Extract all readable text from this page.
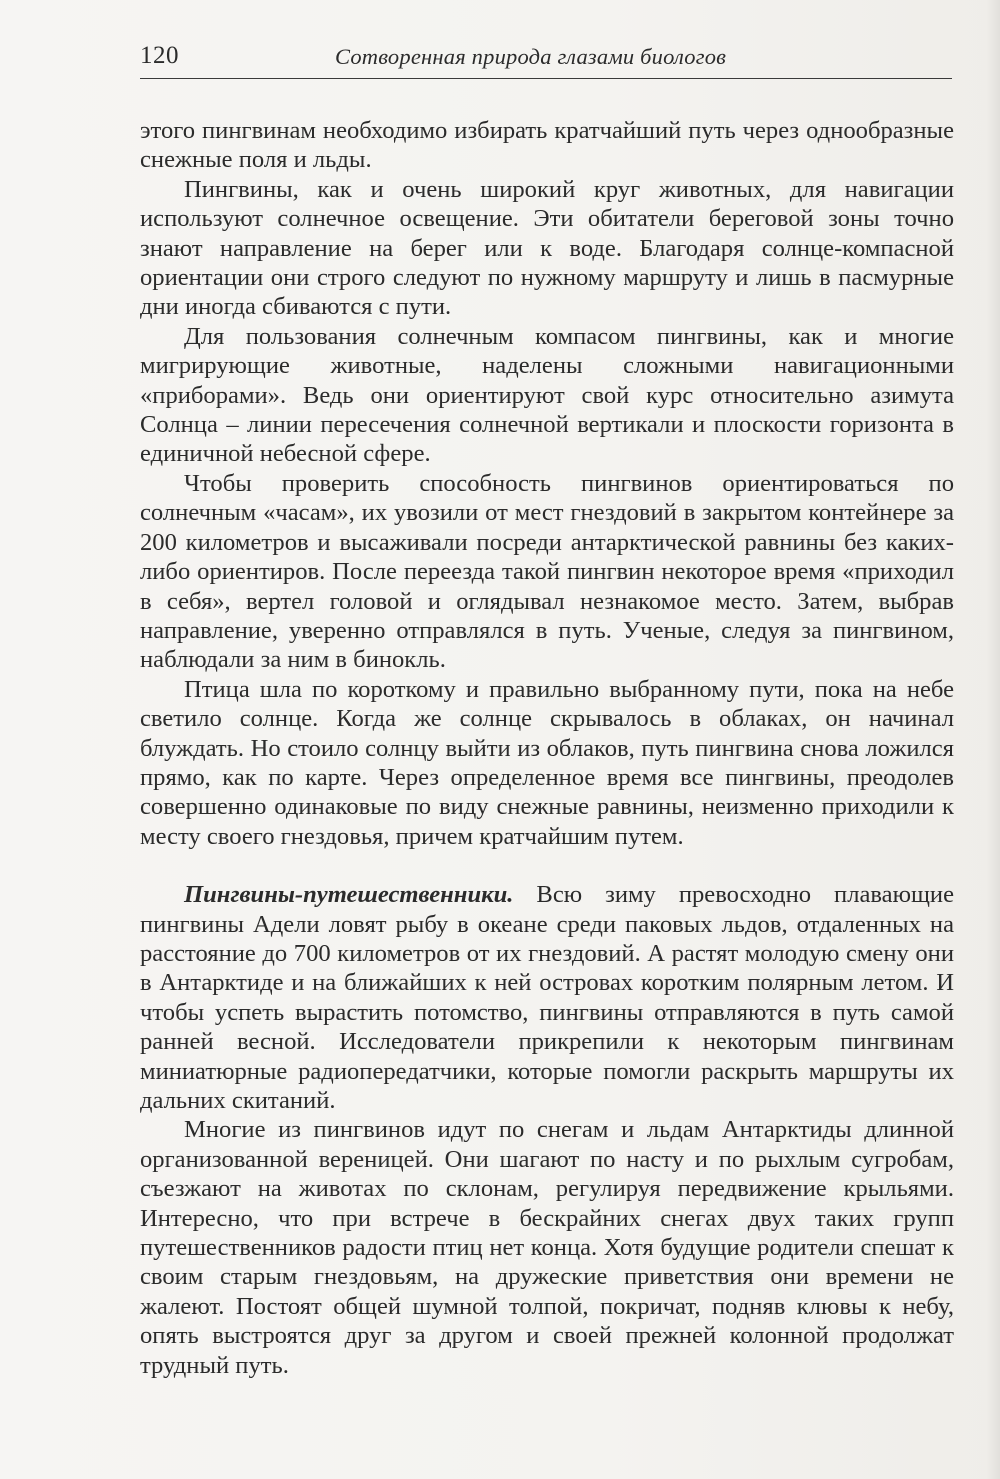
120	Сотворенная природа глазами биологов

этого пингвинам необходимо избирать кратчайший путь через однообразные снежные поля и льды.

Пингвины, как и очень широкий круг животных, для навигации используют солнечное освещение. Эти обитатели береговой зоны точно знают направление на берег или к воде. Благодаря солнце-компасной ориентации они строго следуют по нужному маршруту и лишь в пасмурные дни иногда сбиваются с пути.

Для пользования солнечным компасом пингвины, как и многие мигрирующие животные, наделены сложными навигационными «приборами». Ведь они ориентируют свой курс относительно азимута Солнца – линии пересечения солнечной вертикали и плоскости горизонта в единичной небесной сфере.

Чтобы проверить способность пингвинов ориентироваться по солнечным «часам», их увозили от мест гнездовий в закрытом контейнере за 200 километров и высаживали посреди антарктической равнины без каких-либо ориентиров. После переезда такой пингвин некоторое время «приходил в себя», вертел головой и оглядывал незнакомое место. Затем, выбрав направление, уверенно отправлялся в путь. Ученые, следуя за пингвином, наблюдали за ним в бинокль.

Птица шла по короткому и правильно выбранному пути, пока на небе светило солнце. Когда же солнце скрывалось в облаках, он начинал блуждать. Но стоило солнцу выйти из облаков, путь пингвина снова ложился прямо, как по карте. Через определенное время все пингвины, преодолев совершенно одинаковые по виду снежные равнины, неизменно приходили к месту своего гнездовья, причем кратчайшим путем.

Пингвины-путешественники. Всю зиму превосходно плавающие пингвины Адели ловят рыбу в океане среди паковых льдов, отдаленных на расстояние до 700 километров от их гнездовий. А растят молодую смену они в Антарктиде и на ближайших к ней островах коротким полярным летом. И чтобы успеть вырастить потомство, пингвины отправляются в путь самой ранней весной. Исследователи прикрепили к некоторым пингвинам миниатюрные радиопередатчики, которые помогли раскрыть маршруты их дальних скитаний.

Многие из пингвинов идут по снегам и льдам Антарктиды длинной организованной вереницей. Они шагают по насту и по рыхлым сугробам, съезжают на животах по склонам, регулируя передвижение крыльями. Интересно, что при встрече в бескрайних снегах двух таких групп путешественников радости птиц нет конца. Хотя будущие родители спешат к своим старым гнездовьям, на дружеские приветствия они времени не жалеют. Постоят общей шумной толпой, покричат, подняв клювы к небу, опять выстроятся друг за другом и своей прежней колонной продолжат трудный путь.
